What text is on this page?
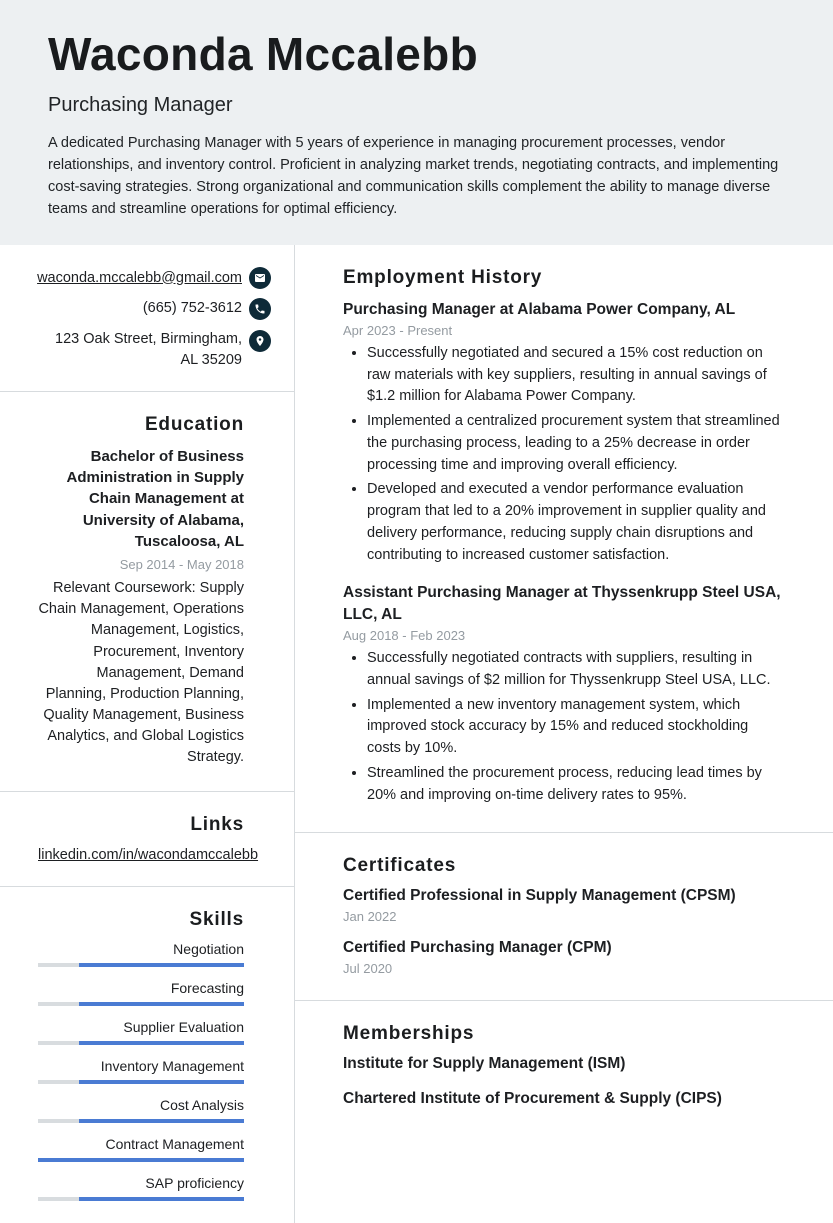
Waconda Mccalebb
Purchasing Manager
A dedicated Purchasing Manager with 5 years of experience in managing procurement processes, vendor relationships, and inventory control. Proficient in analyzing market trends, negotiating contracts, and implementing cost-saving strategies. Strong organizational and communication skills complement the ability to manage diverse teams and streamline operations for optimal efficiency.
waconda.mccalebb@gmail.com
(665) 752-3612
123 Oak Street, Birmingham, AL 35209
Education
Bachelor of Business Administration in Supply Chain Management at University of Alabama, Tuscaloosa, AL
Sep 2014 - May 2018
Relevant Coursework: Supply Chain Management, Operations Management, Logistics, Procurement, Inventory Management, Demand Planning, Production Planning, Quality Management, Business Analytics, and Global Logistics Strategy.
Links
linkedin.com/in/wacondamccalebb
Skills
Negotiation
Forecasting
Supplier Evaluation
Inventory Management
Cost Analysis
Contract Management
SAP proficiency
Employment History
Purchasing Manager at Alabama Power Company, AL
Apr 2023 - Present
• Successfully negotiated and secured a 15% cost reduction on raw materials with key suppliers, resulting in annual savings of $1.2 million for Alabama Power Company.
• Implemented a centralized procurement system that streamlined the purchasing process, leading to a 25% decrease in order processing time and improving overall efficiency.
• Developed and executed a vendor performance evaluation program that led to a 20% improvement in supplier quality and delivery performance, reducing supply chain disruptions and contributing to increased customer satisfaction.
Assistant Purchasing Manager at Thyssenkrupp Steel USA, LLC, AL
Aug 2018 - Feb 2023
• Successfully negotiated contracts with suppliers, resulting in annual savings of $2 million for Thyssenkrupp Steel USA, LLC.
• Implemented a new inventory management system, which improved stock accuracy by 15% and reduced stockholding costs by 10%.
• Streamlined the procurement process, reducing lead times by 20% and improving on-time delivery rates to 95%.
Certificates
Certified Professional in Supply Management (CPSM)
Jan 2022
Certified Purchasing Manager (CPM)
Jul 2020
Memberships
Institute for Supply Management (ISM)
Chartered Institute of Procurement & Supply (CIPS)
